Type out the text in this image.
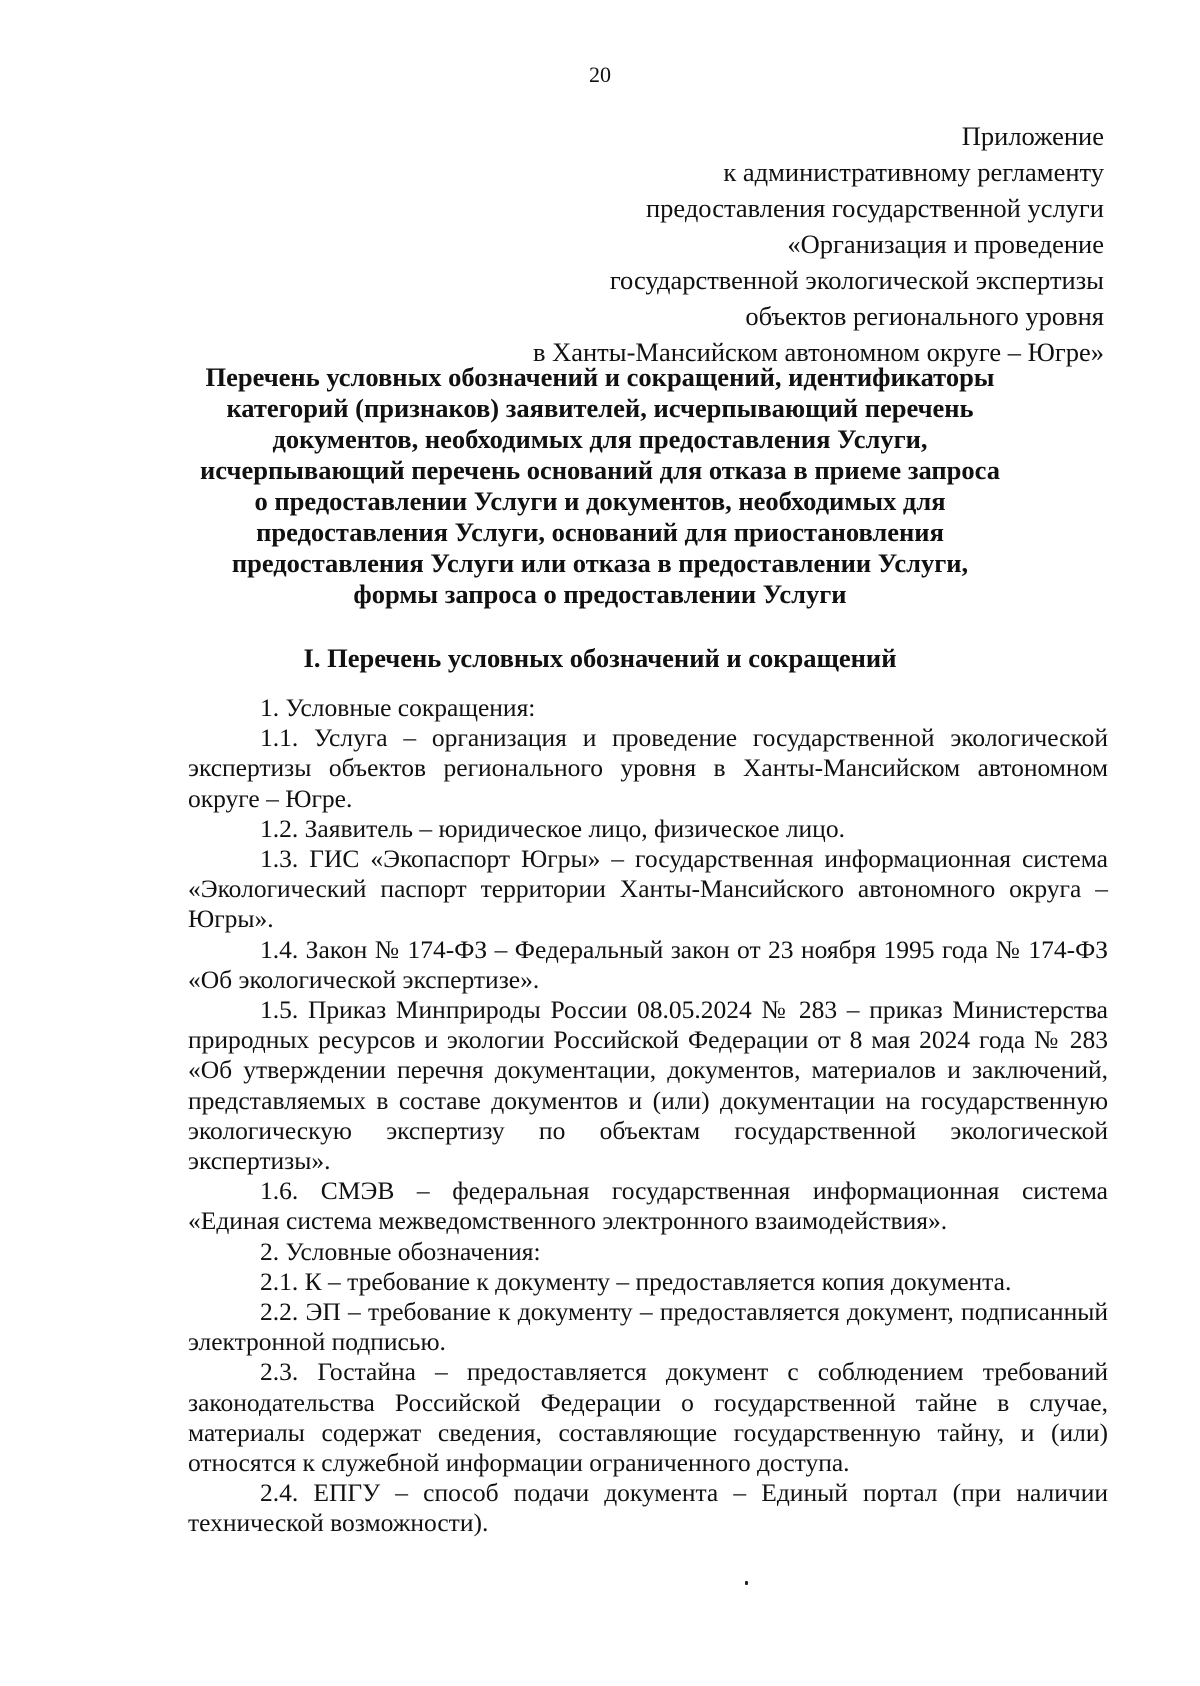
20
Приложение
к административному регламенту
предоставления государственной услуги
«Организация и проведение
государственной экологической экспертизы
объектов регионального уровня
в Ханты-Мансийском автономном округе – Югре»
Перечень условных обозначений и сокращений, идентификаторы
категорий (признаков) заявителей, исчерпывающий перечень
документов, необходимых для предоставления Услуги,
исчерпывающий перечень оснований для отказа в приеме запроса
о предоставлении Услуги и документов, необходимых для
предоставления Услуги, оснований для приостановления
предоставления Услуги или отказа в предоставлении Услуги,
формы запроса о предоставлении Услуги
I. Перечень условных обозначений и сокращений

1. Условные сокращения:

1.1. Услуга – организация и проведение государственной экологической экспертизы объектов регионального уровня в Ханты-Мансийском автономном округе – Югре.

1.2. Заявитель – юридическое лицо, физическое лицо.

1.3. ГИС «Экопаспорт Югры» – государственная информационная система «Экологический паспорт территории Ханты-Мансийского автономного округа – Югры».

1.4. Закон № 174-ФЗ – Федеральный закон от 23 ноября 1995 года № 174-ФЗ «Об экологической экспертизе».

1.5. Приказ Минприроды России 08.05.2024 № 283 – приказ Министерства природных ресурсов и экологии Российской Федерации от 8 мая 2024 года № 283 «Об утверждении перечня документации, документов, материалов и заключений, представляемых в составе документов и (или) документации на государственную экологическую экспертизу по объектам государственной экологической экспертизы».

1.6. СМЭВ – федеральная государственная информационная система «Единая система межведомственного электронного взаимодействия».

2. Условные обозначения:

2.1. К – требование к документу – предоставляется копия документа.

2.2. ЭП – требование к документу – предоставляется документ, подписанный электронной подписью.

2.3. Гостайна – предоставляется документ с соблюдением требований законодательства Российской Федерации о государственной тайне в случае, материалы содержат сведения, составляющие государственную тайну, и (или) относятся к служебной информации ограниченного доступа.

2.4. ЕПГУ – способ подачи документа – Единый портал (при наличии технической возможности).
